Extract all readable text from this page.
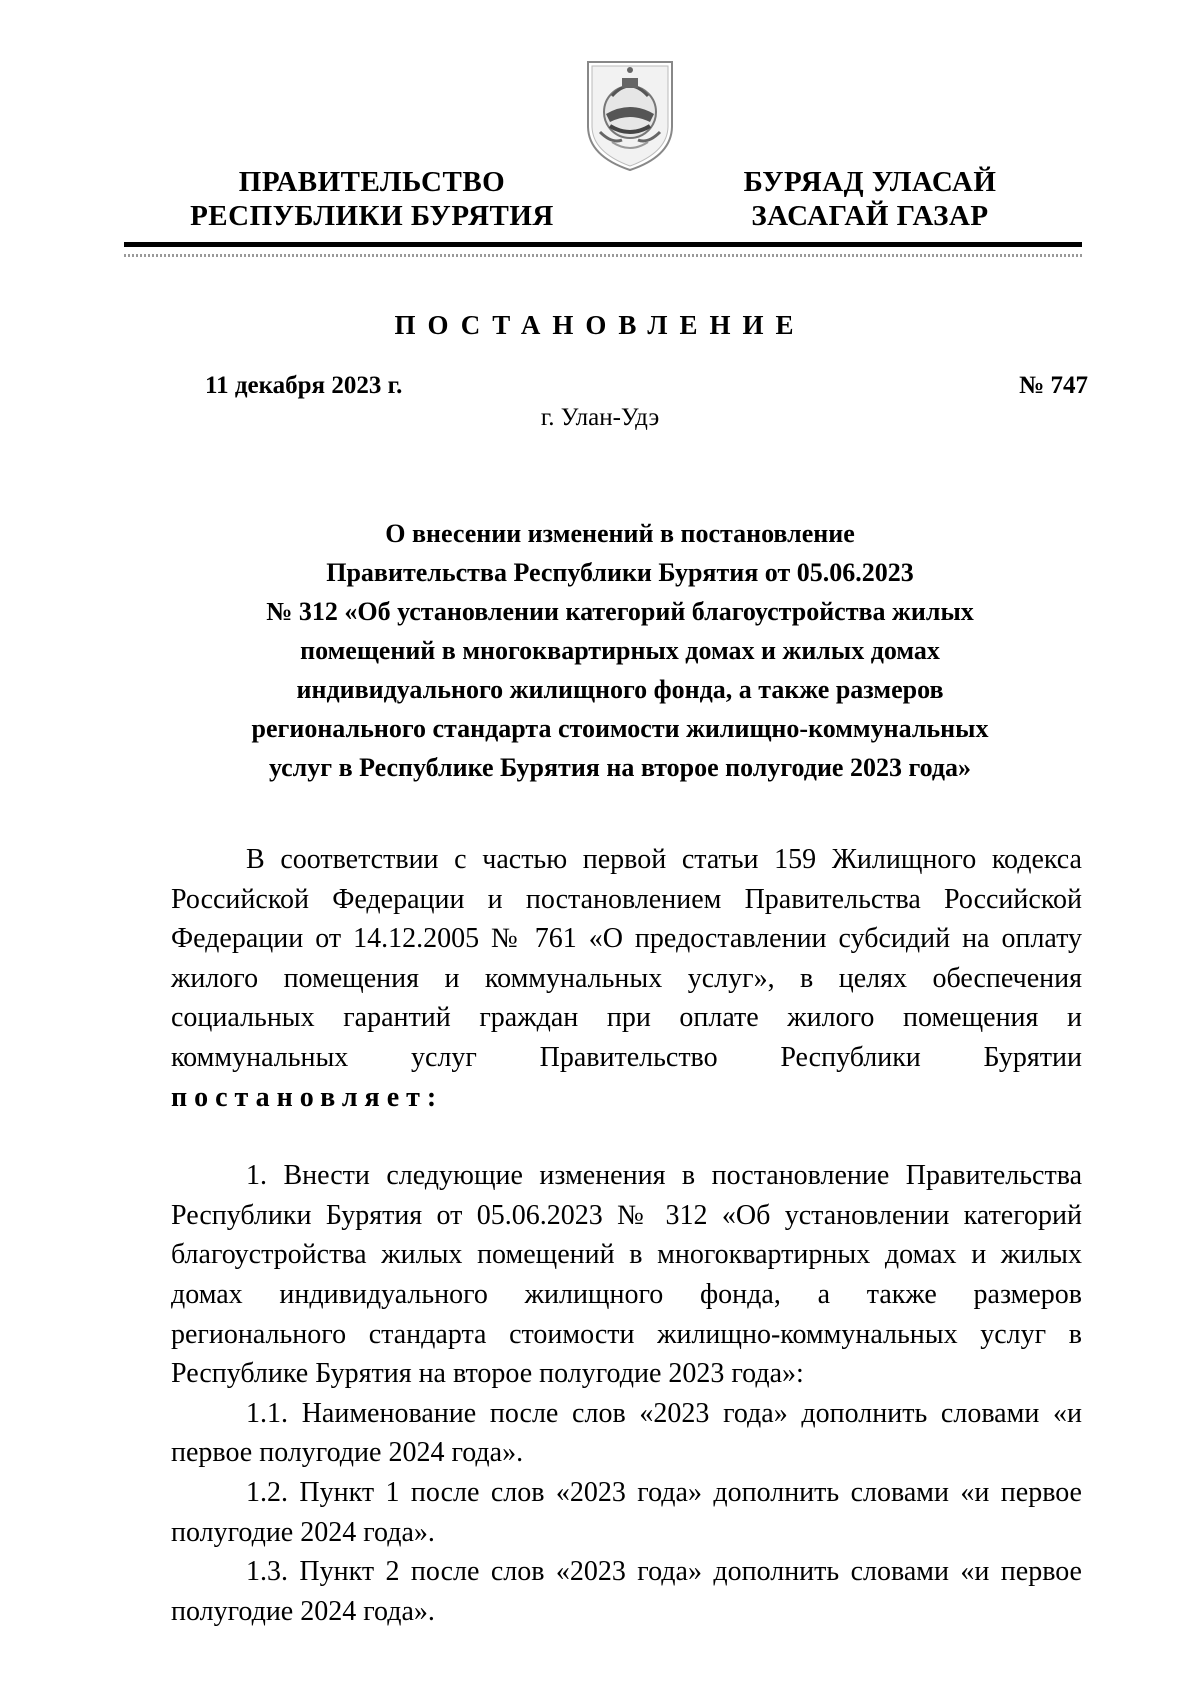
ПРАВИТЕЛЬСТВО
РЕСПУБЛИКИ БУРЯТИЯ
БУРЯАД УЛАСАЙ
ЗАСАГАЙ ГАЗАР
ПОСТАНОВЛЕНИЕ
11 декабря 2023 г.	№ 747
г. Улан-Удэ
О внесении изменений в постановление
Правительства Республики Бурятия от 05.06.2023
№ 312 «Об установлении категорий благоустройства жилых
помещений в многоквартирных домах и жилых домах
индивидуального жилищного фонда, а также размеров
регионального стандарта стоимости жилищно-коммунальных
услуг в Республике Бурятия на второе полугодие 2023 года»

В соответствии с частью первой статьи 159 Жилищного кодекса Российской Федерации и постановлением Правительства Российской Федерации от 14.12.2005 № 761 «О предоставлении субсидий на оплату жилого помещения и коммунальных услуг», в целях обеспечения социальных гарантий граждан при оплате жилого помещения и коммунальных услуг Правительство Республики Бурятии постановляет:

1. Внести следующие изменения в постановление Правительства Республики Бурятия от 05.06.2023 № 312 «Об установлении категорий благоустройства жилых помещений в многоквартирных домах и жилых домах индивидуального жилищного фонда, а также размеров регионального стандарта стоимости жилищно-коммунальных услуг в Республике Бурятия на второе полугодие 2023 года»:

1.1. Наименование после слов «2023 года» дополнить словами «и первое полугодие 2024 года».

1.2. Пункт 1 после слов «2023 года» дополнить словами «и первое полугодие 2024 года».

1.3. Пункт 2 после слов «2023 года» дополнить словами «и первое полугодие 2024 года».
